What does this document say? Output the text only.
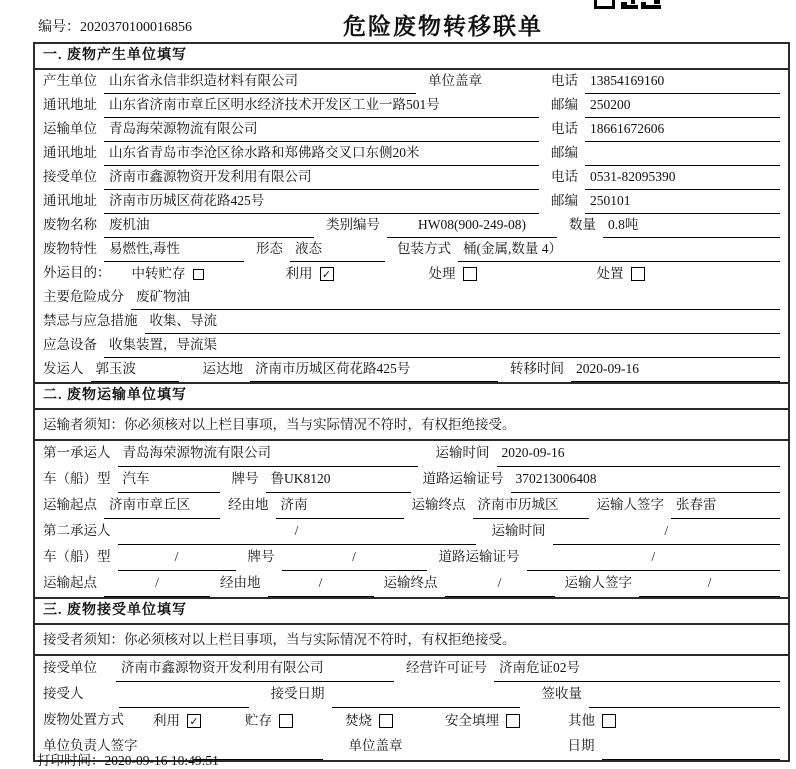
编号：2020370100016856	危险废物转移联单
一. 废物产生单位填写
产生单位 山东省永信非织造材料有限公司	单位盖章	电话 13854169160
通讯地址 山东省济南市章丘区明水经济技术开发区工业一路501号	邮编 250200
运输单位 青岛海荣源物流有限公司	电话 18661672606
通讯地址 山东省青岛市李沧区徐水路和郑佛路交叉口东侧20米	邮编
接受单位 济南市鑫源物资开发利用有限公司	电话 0531-82095390
通讯地址 济南市历城区荷花路425号	邮编 250101
废物名称 废机油	类别编号	HW08(900-249-08)	数量 0.8吨
废物特性 易燃性,毒性	形态 液态	包装方式 桶(金属,数量 4）
外运目的：	中转贮存	利用 ✓	处理	处置
主要危险成分 废矿物油
禁忌与应急措施 收集、导流
应急设备 收集装置，导流渠
发运人 郭玉波	运达地 济南市历城区荷花路425号	转移时间 2020-09-16
二. 废物运输单位填写
运输者须知：你必须核对以上栏目事项，当与实际情况不符时，有权拒绝接受。
第一承运人 青岛海荣源物流有限公司	运输时间 2020-09-16
车（船）型 汽车	牌号 鲁UK8120	道路运输证号 370213006408
运输起点 济南市章丘区	经由地 济南	运输终点 济南市历城区	运输人签字 张春雷
第二承运人	/	运输时间	/
车（船）型	/	牌号	/	道路运输证号	/
运输起点	/	经由地	/	运输终点	/	运输人签字	/
三. 废物接受单位填写
接受者须知：你必须核对以上栏目事项，当与实际情况不符时，有权拒绝接受。
接受单位	济南市鑫源物资开发利用有限公司	经营许可证号 济南危证02号
接受人	接受日期	签收量
废物处置方式	利用 ✓	贮存	焚烧	安全填埋	其他
单位负责人签字	单位盖章	日期
打印时间：2020-09-16 10:49:51
